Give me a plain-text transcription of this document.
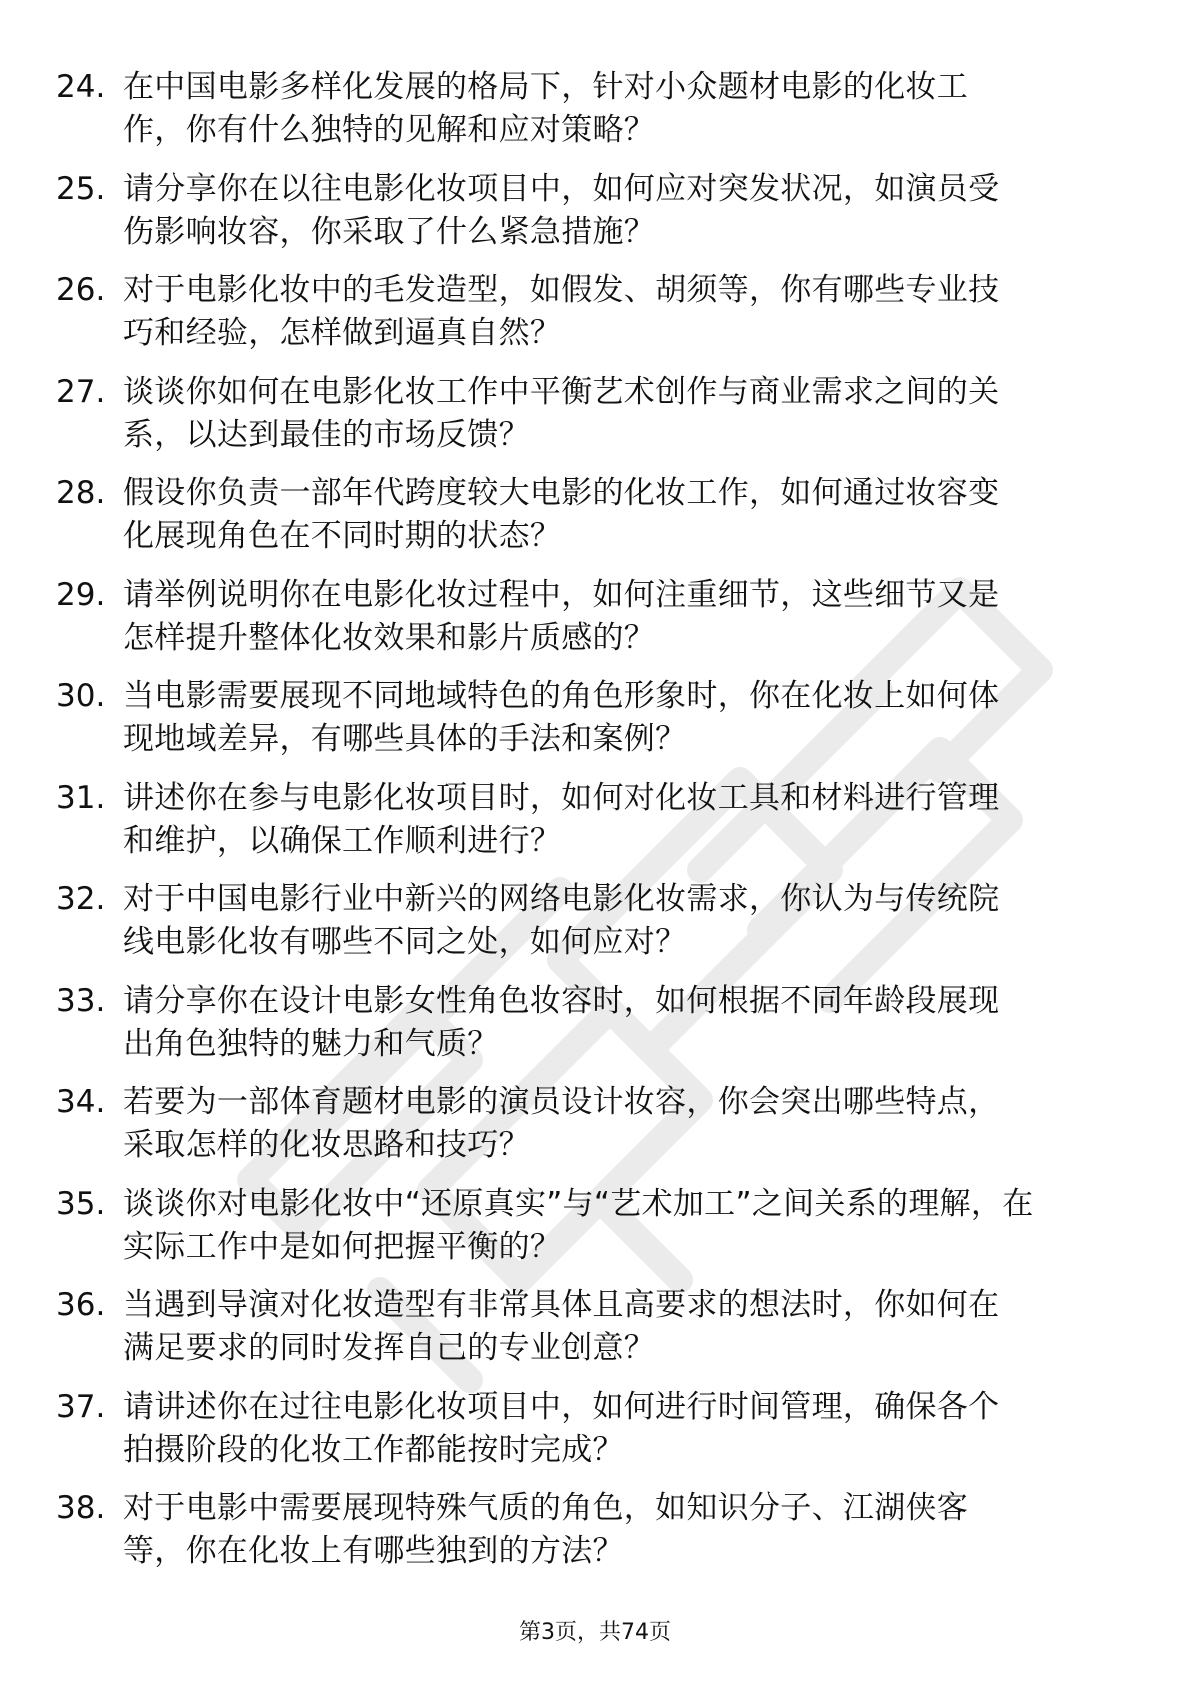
24. 在中国电影多样化发展的格局下，针对小众题材电影的化妆工
作，你有什么独特的见解和应对策略？
25. 请分享你在以往电影化妆项目中，如何应对突发状况，如演员受
伤影响妆容，你采取了什么紧急措施？
26. 对于电影化妆中的毛发造型，如假发、胡须等，你有哪些专业技
巧和经验，怎样做到逼真自然？
27. 谈谈你如何在电影化妆工作中平衡艺术创作与商业需求之间的关
系，以达到最佳的市场反馈？
28. 假设你负责一部年代跨度较大电影的化妆工作，如何通过妆容变
化展现角色在不同时期的状态？
29. 请举例说明你在电影化妆过程中，如何注重细节，这些细节又是
怎样提升整体化妆效果和影片质感的？
30. 当电影需要展现不同地域特色的角色形象时，你在化妆上如何体
现地域差异，有哪些具体的手法和案例？
31. 讲述你在参与电影化妆项目时，如何对化妆工具和材料进行管理
和维护，以确保工作顺利进行？
32. 对于中国电影行业中新兴的网络电影化妆需求，你认为与传统院
线电影化妆有哪些不同之处，如何应对？
33. 请分享你在设计电影女性角色妆容时，如何根据不同年龄段展现
出角色独特的魅力和气质？
34. 若要为一部体育题材电影的演员设计妆容，你会突出哪些特点，
采取怎样的化妆思路和技巧？
35. 谈谈你对电影化妆中“还原真实”与“艺术加工”之间关系的理解，在
实际工作中是如何把握平衡的？
36. 当遇到导演对化妆造型有非常具体且高要求的想法时，你如何在
满足要求的同时发挥自己的专业创意？
37. 请讲述你在过往电影化妆项目中，如何进行时间管理，确保各个
拍摄阶段的化妆工作都能按时完成？
38. 对于电影中需要展现特殊气质的角色，如知识分子、江湖侠客
等，你在化妆上有哪些独到的方法？
第3页，共74页
